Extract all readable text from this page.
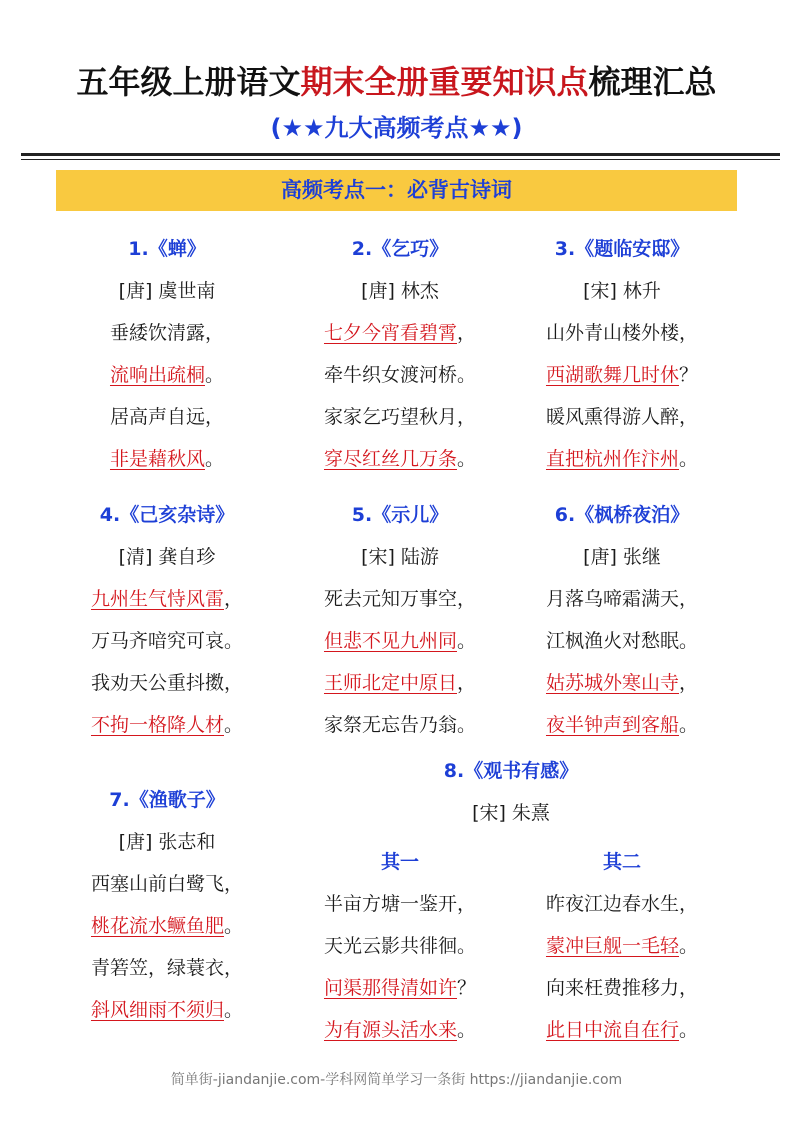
五年级上册语文期末全册重要知识点梳理汇总
(★★九大高频考点★★)
高频考点一：必背古诗词
1.《蝉》
[唐] 虞世南
垂緌饮清露，
流响出疏桐。
居高声自远，
非是藉秋风。
2.《乞巧》
[唐] 林杰
七夕今宵看碧霄，
牵牛织女渡河桥。
家家乞巧望秋月，
穿尽红丝几万条。
3.《题临安邸》
[宋] 林升
山外青山楼外楼，
西湖歌舞几时休？
暖风熏得游人醉，
直把杭州作汴州。
4.《己亥杂诗》
[清] 龚自珍
九州生气恃风雷，
万马齐喑究可哀。
我劝天公重抖擞，
不拘一格降人材。
5.《示儿》
[宋] 陆游
死去元知万事空，
但悲不见九州同。
王师北定中原日，
家祭无忘告乃翁。
6.《枫桥夜泊》
[唐] 张继
月落乌啼霜满天，
江枫渔火对愁眠。
姑苏城外寒山寺，
夜半钟声到客船。
7.《渔歌子》
[唐] 张志和
西塞山前白鹭飞，
桃花流水鳜鱼肥。
青箬笠，绿蓑衣，
斜风细雨不须归。
8.《观书有感》
[宋] 朱熹
其一
半亩方塘一鉴开，
天光云影共徘徊。
问渠那得清如许？
为有源头活水来。
其二
昨夜江边春水生，
蒙冲巨舰一毛轻。
向来枉费推移力，
此日中流自在行。
简单街-jiandanjie.com-学科网简单学习一条街 https://jiandanjie.com
